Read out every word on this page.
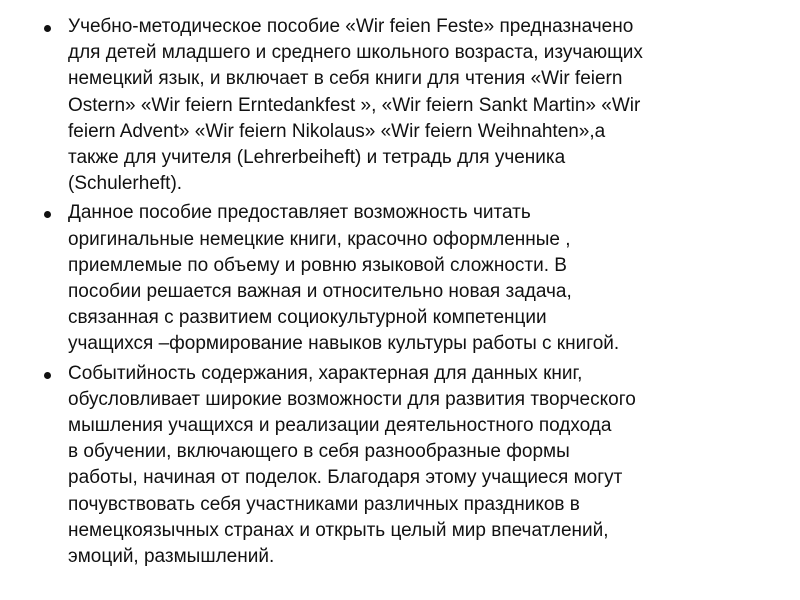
Учебно-методическое пособие «Wir feien Feste» предназначено
для детей младшего и среднего школьного возраста, изучающих
немецкий язык, и включает в себя книги для чтения «Wir feiern
Ostern» «Wir feiern Erntedankfest », «Wir feiern Sankt Martin» «Wir
feiern Advent» «Wir feiern Nikolaus» «Wir feiern Weihnahten»,а
также для учителя (Lehrerbeiheft) и тетрадь для ученика
(Schulerheft).
Данное пособие предоставляет возможность читать
оригинальные немецкие книги, красочно оформленные ,
приемлемые по объему и ровню языковой сложности. В
пособии решается важная и относительно новая задача,
связанная с развитием социокультурной компетенции
учащихся –формирование навыков культуры работы с книгой.
Событийность содержания, характерная для данных книг,
обусловливает широкие возможности для развития творческого
мышления учащихся и реализации деятельностного подхода
в обучении, включающего в себя разнообразные формы
работы, начиная от поделок. Благодаря этому учащиеся могут
почувствовать себя участниками различных праздников в
немецкоязычных странах и открыть целый мир впечатлений,
эмоций, размышлений.
